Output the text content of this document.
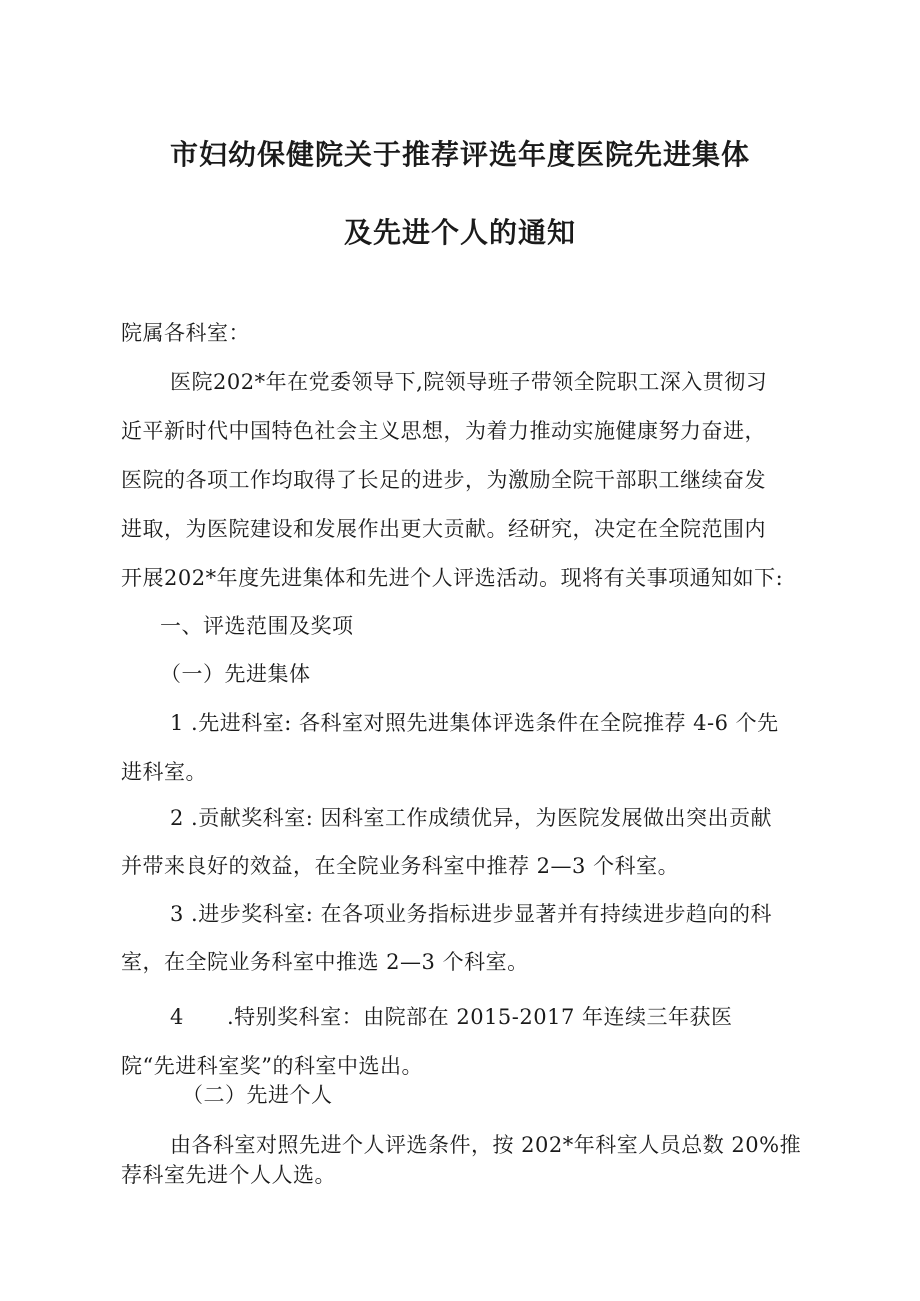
市妇幼保健院关于推荐评选年度医院先进集体
及先进个人的通知
院属各科室：
医院202*年在党委领导下,院领导班子带领全院职工深入贯彻习
近平新时代中国特色社会主义思想，为着力推动实施健康努力奋进，
医院的各项工作均取得了长足的进步，为激励全院干部职工继续奋发
进取，为医院建设和发展作出更大贡献。经研究，决定在全院范围内
开展202*年度先进集体和先进个人评选活动。现将有关事项通知如下:
一、评选范围及奖项
（一）先进集体
1 .先进科室: 各科室对照先进集体评选条件在全院推荐 4-6 个先
进科室。
2 .贡献奖科室: 因科室工作成绩优异，为医院发展做出突出贡献
并带来良好的效益，在全院业务科室中推荐 2—3 个科室。
3 .进步奖科室: 在各项业务指标进步显著并有持续进步趋向的科
室，在全院业务科室中推选 2—3 个科室。
4 .特别奖科室：由院部在 2015-2017 年连续三年获医
院“先进科室奖”的科室中选出。
（二）先进个人
由各科室对照先进个人评选条件，按 202*年科室人员总数 20%推
荐科室先进个人人选。
